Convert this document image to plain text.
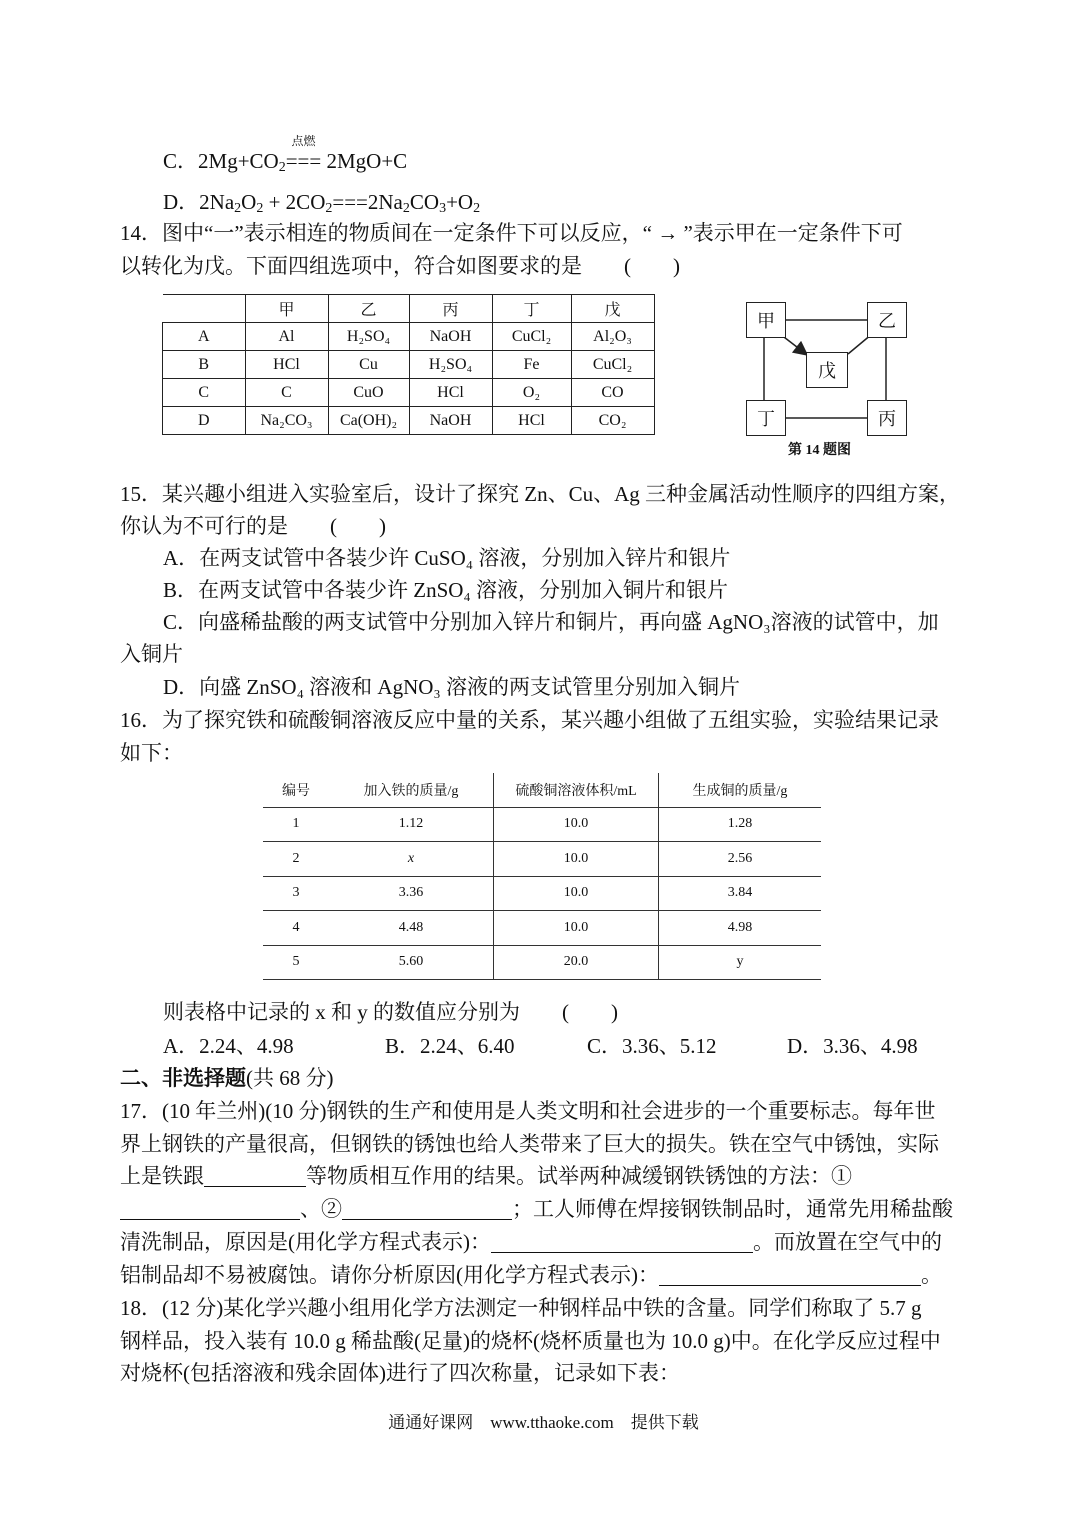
C．$2Mg+CO_2$
点燃
=== 2MgO+C
D．$2Na_2O_2 + 2CO_2===2Na_2CO_3+O_2$
14．图中“一”表示相连的物质间在一定条件下可以反应，“ → ”表示甲在一定条件下可
以转化为戊。下面四组选项中，符合如图要求的是　　(　　)
	甲	乙	丙	丁	戊
A	Al	H₂SO₄	NaOH	CuCl₂	Al₂O₃
B	HCl	Cu	H₂SO₄	Fe	CuCl₂
C	C	CuO	HCl	O₂	CO
D	Na₂CO₃	Ca(OH)₂	NaOH	HCl	CO₂
甲	乙
戊
丁	丙
第 14 题图
15．某兴趣小组进入实验室后，设计了探究 Zn、Cu、Ag 三种金属活动性顺序的四组方案，
你认为不可行的是　　(　　)
A．在两支试管中各装少许 CuSO₄ 溶液，分别加入锌片和银片
B．在两支试管中各装少许 ZnSO₄ 溶液，分别加入铜片和银片
C．向盛稀盐酸的两支试管中分别加入锌片和铜片，再向盛 AgNO₃溶液的试管中，加
入铜片
D．向盛 ZnSO₄ 溶液和 AgNO₃ 溶液的两支试管里分别加入铜片
16．为了探究铁和硫酸铜溶液反应中量的关系，某兴趣小组做了五组实验，实验结果记录
如下：
编号	加入铁的质量/g	硫酸铜溶液体积/mL	生成铜的质量/g
1	1.12	10.0	1.28
2	x	10.0	2.56
3	3.36	10.0	3.84
4	4.48	10.0	4.98
5	5.60	20.0	y
则表格中记录的 x 和 y 的数值应分别为　　(　　)
A．2.24、4.98	B．2.24、6.40	C．3.36、5.12	D．3.36、4.98
二、非选择题(共 68 分)
17．(10 年兰州)(10 分)钢铁的生产和使用是人类文明和社会进步的一个重要标志。每年世
界上钢铁的产量很高，但钢铁的锈蚀也给人类带来了巨大的损失。铁在空气中锈蚀，实际
上是铁跟	等物质相互作用的结果。试举两种减缓钢铁锈蚀的方法：①
、②	；工人师傅在焊接钢铁制品时，通常先用稀盐酸
清洗制品，原因是(用化学方程式表示)：	。而放置在空气中的
铝制品却不易被腐蚀。请你分析原因(用化学方程式表示)：	。
18．(12 分)某化学兴趣小组用化学方法测定一种钢样品中铁的含量。同学们称取了 5.7 g
钢样品，投入装有 10.0 g 稀盐酸(足量)的烧杯(烧杯质量也为 10.0 g)中。在化学反应过程中
对烧杯(包括溶液和残余固体)进行了四次称量，记录如下表：
通通好课网　www.tthaoke.com　提供下载
